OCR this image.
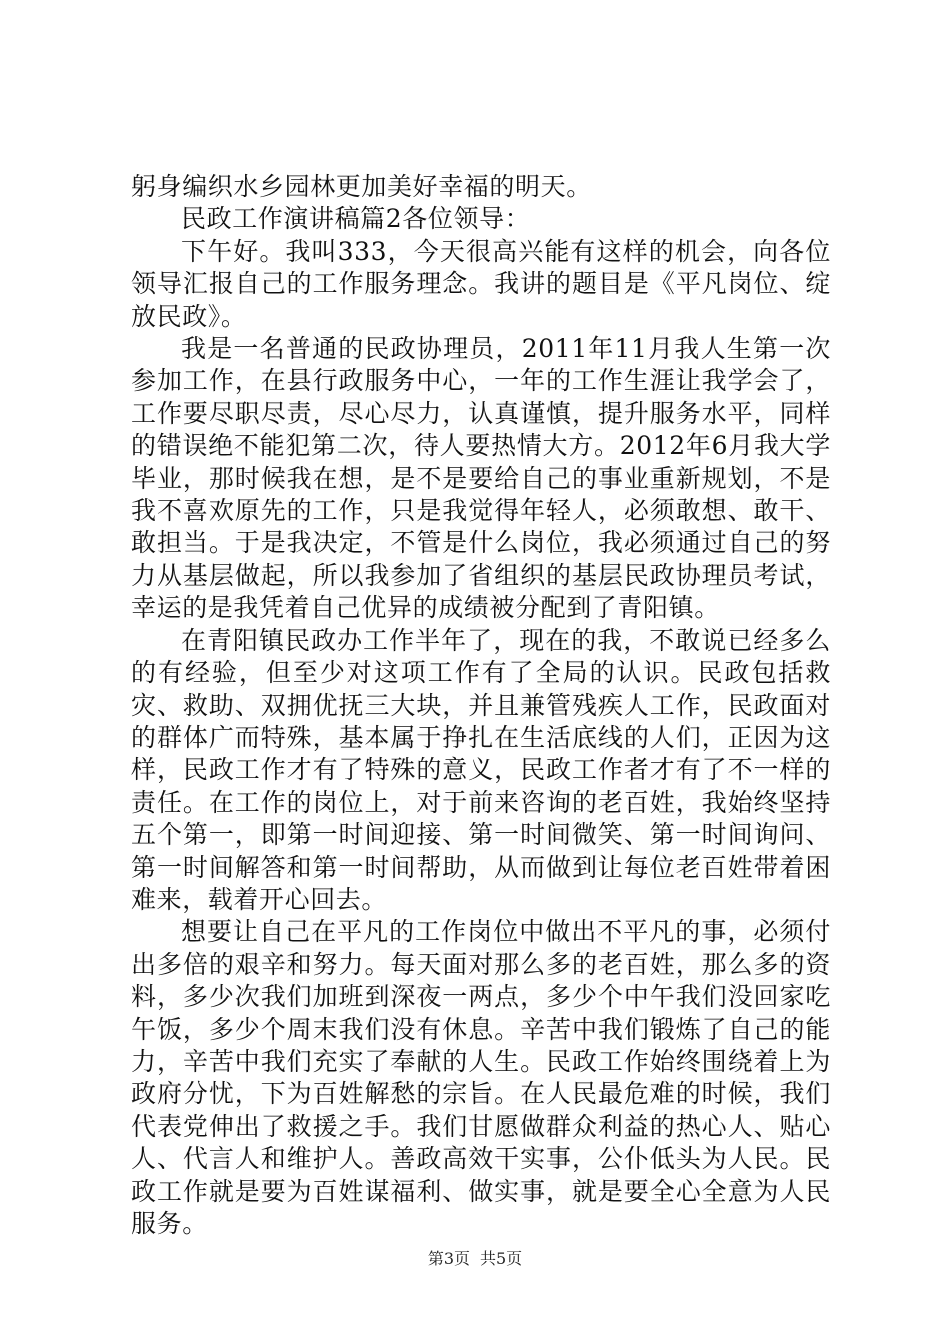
躬身编织水乡园林更加美好幸福的明天。

民政工作演讲稿篇2各位领导：

下午好。我叫333，今天很高兴能有这样的机会，向各位领导汇报自己的工作服务理念。我讲的题目是《平凡岗位、绽放民政》。

我是一名普通的民政协理员，2011年11月我人生第一次参加工作，在县行政服务中心，一年的工作生涯让我学会了，工作要尽职尽责，尽心尽力，认真谨慎，提升服务水平，同样的错误绝不能犯第二次，待人要热情大方。2012年6月我大学毕业，那时候我在想，是不是要给自己的事业重新规划，不是我不喜欢原先的工作，只是我觉得年轻人，必须敢想、敢干、敢担当。于是我决定，不管是什么岗位，我必须通过自己的努力从基层做起，所以我参加了省组织的基层民政协理员考试，幸运的是我凭着自己优异的成绩被分配到了青阳镇。

在青阳镇民政办工作半年了，现在的我，不敢说已经多么的有经验，但至少对这项工作有了全局的认识。民政包括救灾、救助、双拥优抚三大块，并且兼管残疾人工作，民政面对的群体广而特殊，基本属于挣扎在生活底线的人们，正因为这样，民政工作才有了特殊的意义，民政工作者才有了不一样的责任。在工作的岗位上，对于前来咨询的老百姓，我始终坚持五个第一，即第一时间迎接、第一时间微笑、第一时间询问、第一时间解答和第一时间帮助，从而做到让每位老百姓带着困难来，载着开心回去。

想要让自己在平凡的工作岗位中做出不平凡的事，必须付出多倍的艰辛和努力。每天面对那么多的老百姓，那么多的资料，多少次我们加班到深夜一两点，多少个中午我们没回家吃午饭，多少个周末我们没有休息。辛苦中我们锻炼了自己的能力，辛苦中我们充实了奉献的人生。民政工作始终围绕着上为政府分忧，下为百姓解愁的宗旨。在人民最危难的时候，我们代表党伸出了救援之手。我们甘愿做群众利益的热心人、贴心人、代言人和维护人。善政高效干实事，公仆低头为人民。民政工作就是要为百姓谋福利、做实事，就是要全心全意为人民服务。

第3页 共5页
